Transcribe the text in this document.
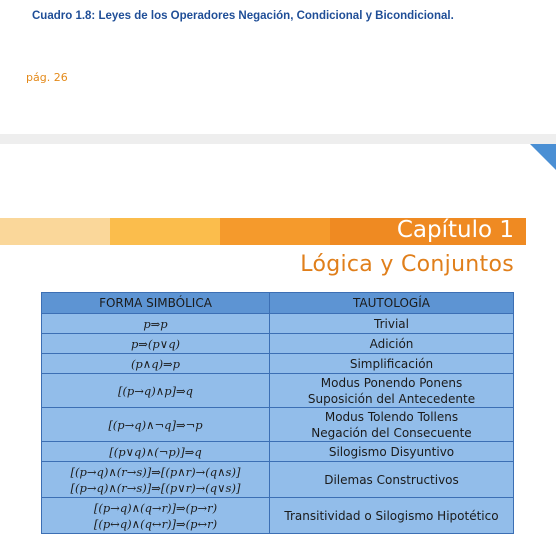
Cuadro 1.8: Leyes de los Operadores Negación, Condicional y Bicondicional.
pág. 26
Capítulo 1
Lógica y Conjuntos
FORMA SIMBÓLICA	TAUTOLOGÍA

p⇒p	Trivial

p⇒(p∨q)	Adición

(p∧q)⇒p	Simplificación

[(p→q)∧p]⇒q	Modus Ponendo Ponens
Suposición del Antecedente

[(p→q)∧¬q]⇒¬p	Modus Tolendo Tollens
Negación del Consecuente

[(p∨q)∧(¬p)]⇒q	Silogismo Disyuntivo

[(p→q)∧(r→s)]⇒[(p∧r)→(q∧s)]
[(p→q)∧(r→s)]⇒[(p∨r)→(q∨s)]	Dilemas Constructivos

[(p→q)∧(q→r)]⇒(p→r)
[(p↔q)∧(q↔r)]⇒(p↔r)	Transitividad o Silogismo Hipotético
